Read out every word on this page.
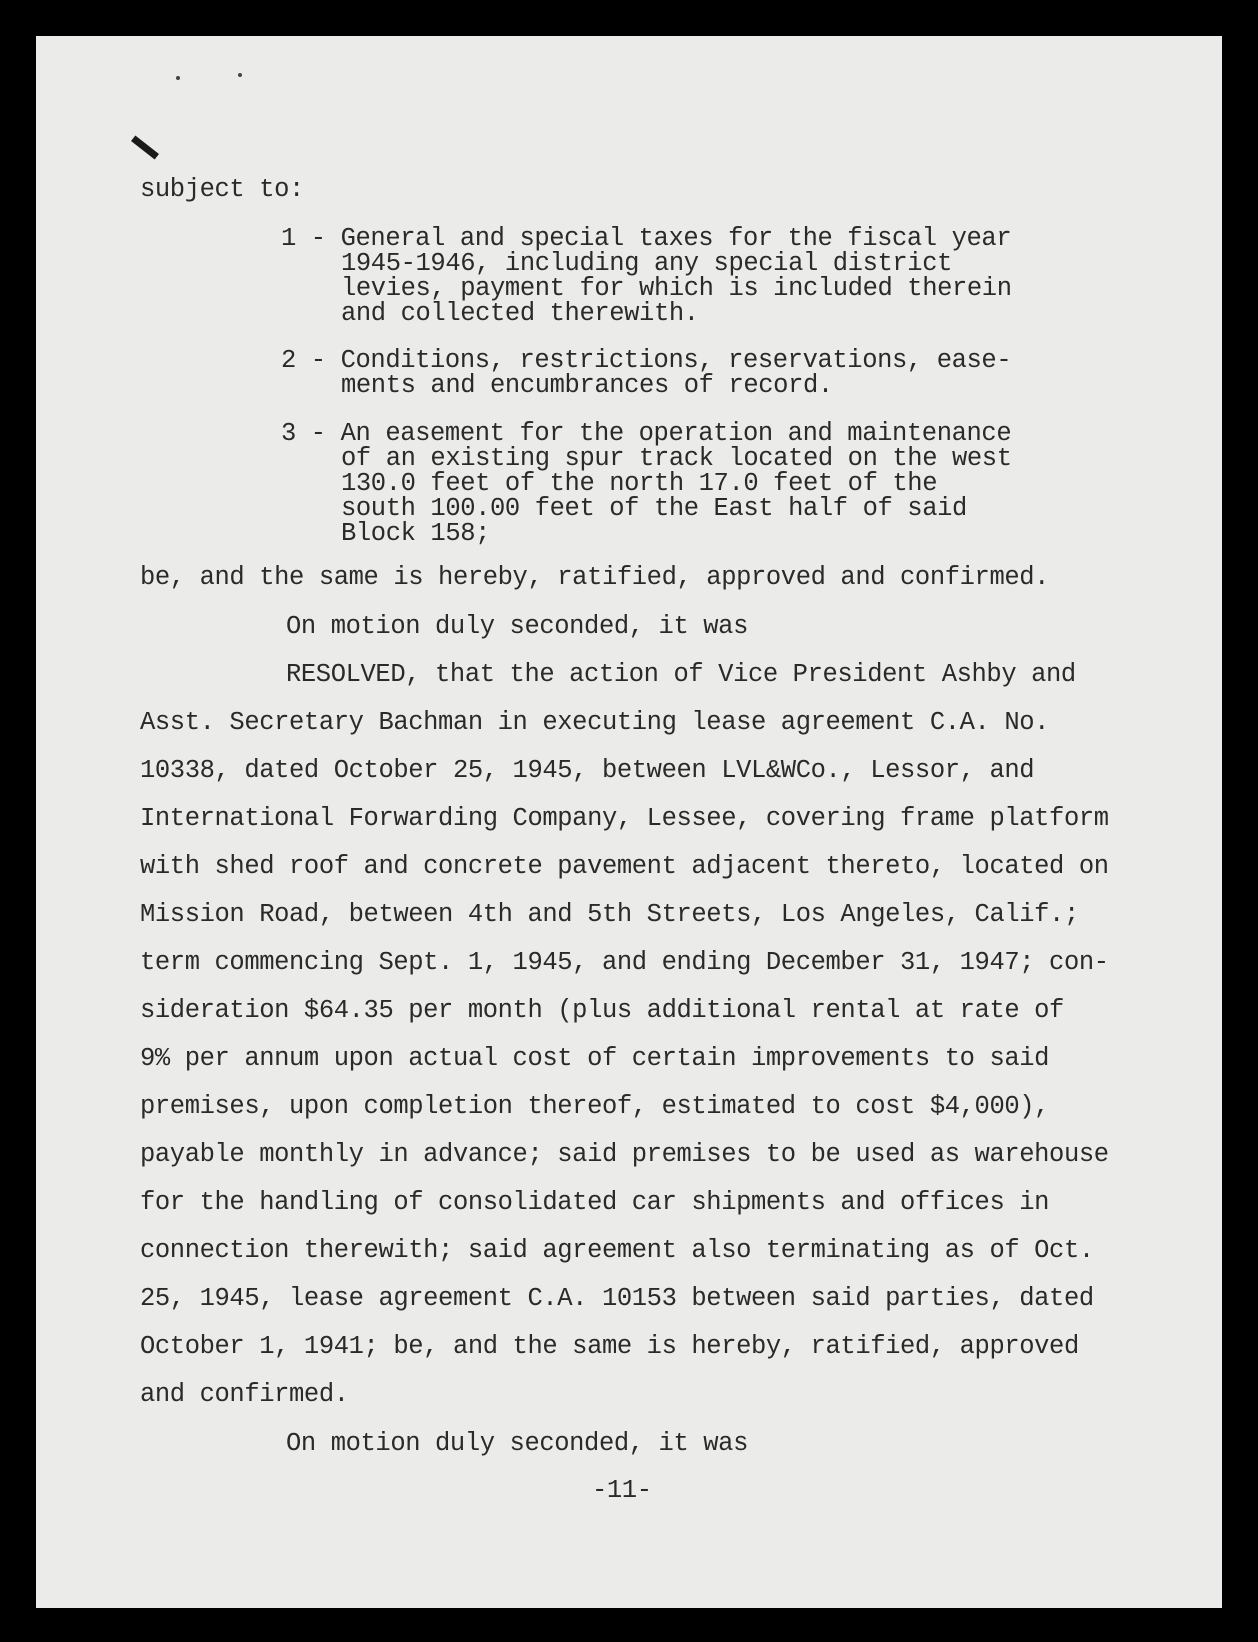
subject to:
1 - General and special taxes for the fiscal year
1945-1946, including any special district
levies, payment for which is included therein
and collected therewith.
2 - Conditions, restrictions, reservations, ease-
ments and encumbrances of record.
3 - An easement for the operation and maintenance
of an existing spur track located on the west
130.0 feet of the north 17.0 feet of the
south 100.00 feet of the East half of said
Block 158;
be, and the same is hereby, ratified, approved and confirmed.
On motion duly seconded, it was
RESOLVED, that the action of Vice President Ashby and
Asst. Secretary Bachman in executing lease agreement C.A. No.
10338, dated October 25, 1945, between LVL&WCo., Lessor, and
International Forwarding Company, Lessee, covering frame platform
with shed roof and concrete pavement adjacent thereto, located on
Mission Road, between 4th and 5th Streets, Los Angeles, Calif.;
term commencing Sept. 1, 1945, and ending December 31, 1947; con-
sideration $64.35 per month (plus additional rental at rate of
9% per annum upon actual cost of certain improvements to said
premises, upon completion thereof, estimated to cost $4,000),
payable monthly in advance; said premises to be used as warehouse
for the handling of consolidated car shipments and offices in
connection therewith; said agreement also terminating as of Oct.
25, 1945, lease agreement C.A. 10153 between said parties, dated
October 1, 1941; be, and the same is hereby, ratified, approved
and confirmed.
On motion duly seconded, it was
-11-
